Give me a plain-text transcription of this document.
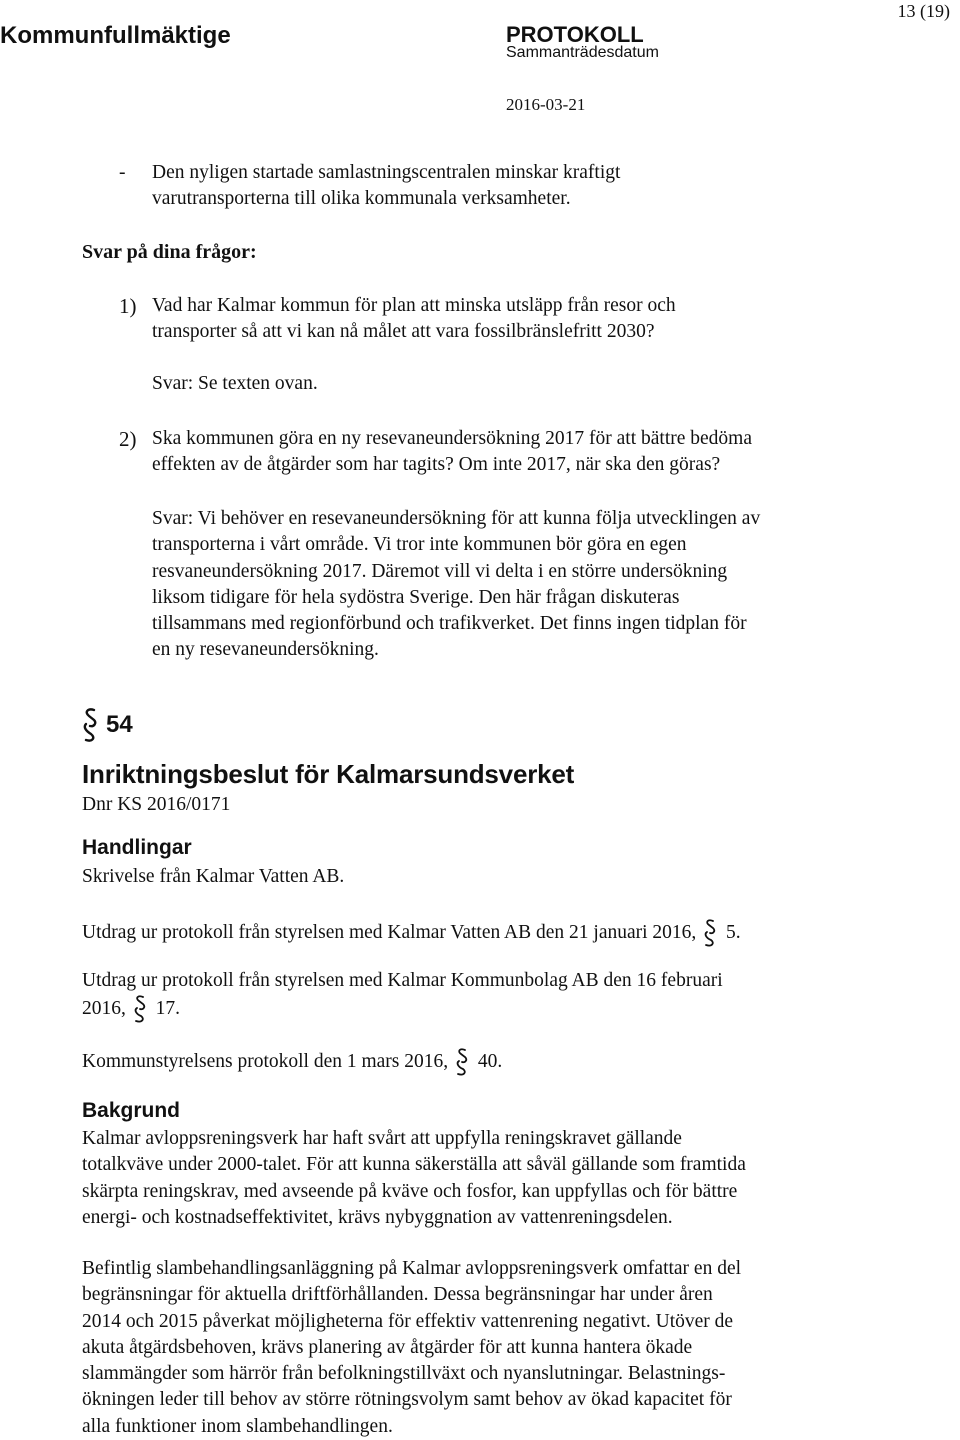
Kommunfullmäktige	PROTOKOLL
Sammanträdesdatum
2016-03-21
13 (19)
- Den nyligen startade samlastningscentralen minskar kraftigt
varutransporterna till olika kommunala verksamheter.
Svar på dina frågor:
1) Vad har Kalmar kommun för plan att minska utsläpp från resor och
transporter så att vi kan nå målet att vara fossilbränslefritt 2030?
Svar: Se texten ovan.
2) Ska kommunen göra en ny resevaneundersökning 2017 för att bättre bedöma
effekten av de åtgärder som har tagits? Om inte 2017, när ska den göras?
Svar: Vi behöver en resevaneundersökning för att kunna följa utvecklingen av
transporterna i vårt område. Vi tror inte kommunen bör göra en egen
resvaneundersökning 2017. Däremot vill vi delta i en större undersökning
liksom tidigare för hela sydöstra Sverige. Den här frågan diskuteras
tillsammans med regionförbund och trafikverket. Det finns ingen tidplan för
en ny resevaneundersökning.
54
Inriktningsbeslut för Kalmarsundsverket
Dnr KS 2016/0171
Handlingar
Skrivelse från Kalmar Vatten AB.
Utdrag ur protokoll från styrelsen med Kalmar Vatten AB den 21 januari 2016, 5.
Utdrag ur protokoll från styrelsen med Kalmar Kommunbolag AB den 16 februari
2016, 17.
Kommunstyrelsens protokoll den 1 mars 2016, 40.
Bakgrund
Kalmar avloppsreningsverk har haft svårt att uppfylla reningskravet gällande
totalkväve under 2000-talet. För att kunna säkerställa att såväl gällande som framtida
skärpta reningskrav, med avseende på kväve och fosfor, kan uppfyllas och för bättre
energi- och kostnadseffektivitet, krävs nybyggnation av vattenreningsdelen.
Befintlig slambehandlingsanläggning på Kalmar avloppsreningsverk omfattar en del
begränsningar för aktuella driftförhållanden. Dessa begränsningar har under åren
2014 och 2015 påverkat möjligheterna för effektiv vattenrening negativt. Utöver de
akuta åtgärdsbehoven, krävs planering av åtgärder för att kunna hantera ökade
slammängder som härrör från befolkningstillväxt och nyanslutningar. Belastnings-
ökningen leder till behov av större rötningsvolym samt behov av ökad kapacitet för
alla funktioner inom slambehandlingen.
